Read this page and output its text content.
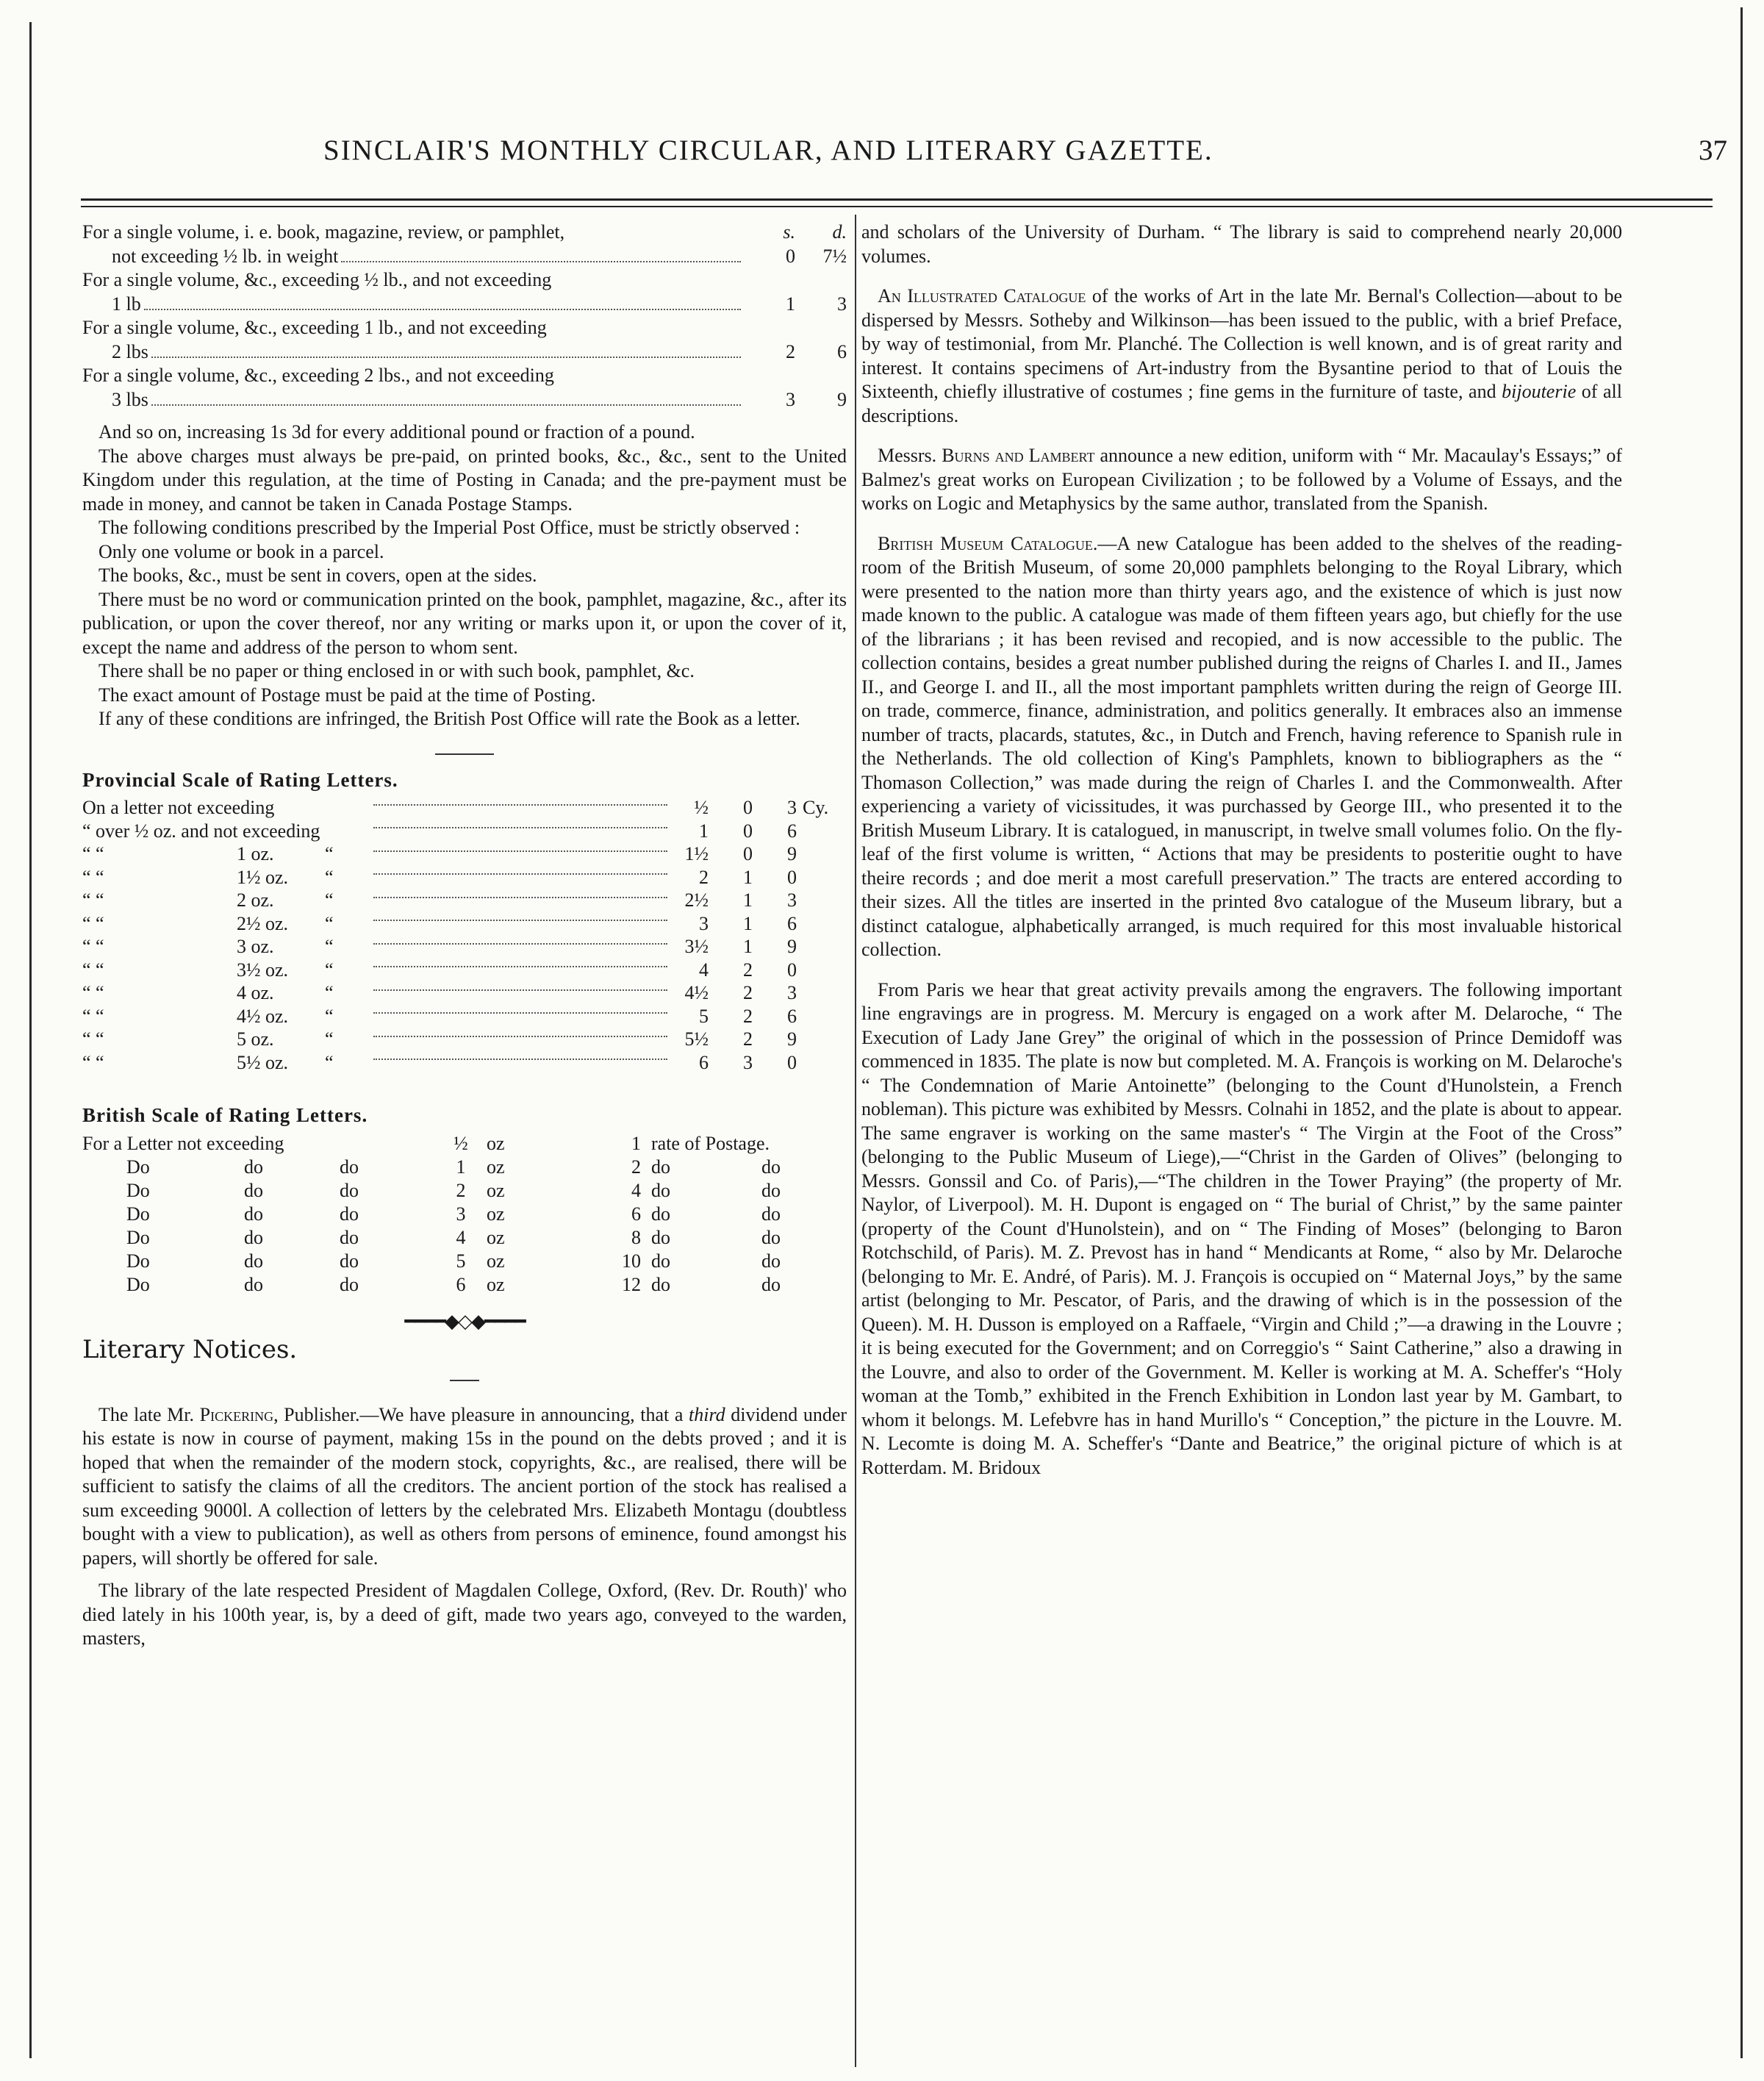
SINCLAIR'S MONTHLY CIRCULAR, AND LITERARY GAZETTE.	37
For a single volume, i. e. book, magazine, review, or pamphlet,	s.	d.
not exceeding ½ lb. in weight	0	7½
For a single volume, &c., exceeding ½ lb., and not exceeding
1 lb	1	3
For a single volume, &c., exceeding 1 lb., and not exceeding
2 lbs	2	6
For a single volume, &c., exceeding 2 lbs., and not exceeding
3 lbs	3	9

And so on, increasing 1s 3d for every additional pound or fraction of a pound.

The above charges must always be pre-paid, on printed books, &c., &c., sent to the United Kingdom under this regulation, at the time of Posting in Canada; and the pre-payment must be made in money, and cannot be taken in Canada Postage Stamps.

The following conditions prescribed by the Imperial Post Office, must be strictly observed :

Only one volume or book in a parcel.

The books, &c., must be sent in covers, open at the sides.

There must be no word or communication printed on the book, pamphlet, magazine, &c., after its publication, or upon the cover thereof, nor any writing or marks upon it, or upon the cover of it, except the name and address of the person to whom sent.

There shall be no paper or thing enclosed in or with such book, pamphlet, &c.

The exact amount of Postage must be paid at the time of Posting.

If any of these conditions are infringed, the British Post Office will rate the Book as a letter.

Provincial Scale of Rating Letters.

On a letter not exceeding				½	0	3	Cy.
“ over ½ oz. and not exceeding				1	0	6	
“ “	1 oz.	“		1½	0	9	
“ “	1½ oz.	“		2	1	0	
“ “	2 oz.	“		2½	1	3	
“ “	2½ oz.	“		3	1	6	
“ “	3 oz.	“		3½	1	9	
“ “	3½ oz.	“		4	2	0	
“ “	4 oz.	“		4½	2	3	
“ “	4½ oz.	“		5	2	6	
“ “	5 oz.	“		5½	2	9	
“ “	5½ oz.	“		6	3	0	

British Scale of Rating Letters.

For a Letter not exceeding			½	oz	1	rate of Postage.	
Do	do	do	1	oz	2	do	do
Do	do	do	2	oz	4	do	do
Do	do	do	3	oz	6	do	do
Do	do	do	4	oz	8	do	do
Do	do	do	5	oz	10	do	do
Do	do	do	6	oz	12	do	do
━━━━◆◇◆━━━━

Literary Notices.

The late Mr. Pickering, Publisher.—We have pleasure in announcing, that a third dividend under his estate is now in course of payment, making 15s in the pound on the debts proved ; and it is hoped that when the remainder of the modern stock, copyrights, &c., are realised, there will be sufficient to satisfy the claims of all the creditors. The ancient portion of the stock has realised a sum exceeding 9000l. A collection of letters by the celebrated Mrs. Elizabeth Montagu (doubtless bought with a view to publication), as well as others from persons of eminence, found amongst his papers, will shortly be offered for sale.

The library of the late respected President of Magdalen College, Oxford, (Rev. Dr. Routh)' who died lately in his 100th year, is, by a deed of gift, made two years ago, conveyed to the warden, masters,

and scholars of the University of Durham. “ The library is said to comprehend nearly 20,000 volumes.

An Illustrated Catalogue of the works of Art in the late Mr. Bernal's Collection—about to be dispersed by Messrs. Sotheby and Wilkinson—has been issued to the public, with a brief Preface, by way of testimonial, from Mr. Planché. The Collection is well known, and is of great rarity and interest. It contains specimens of Art-industry from the Bysantine period to that of Louis the Sixteenth, chiefly illustrative of costumes ; fine gems in the furniture of taste, and bijouterie of all descriptions.

Messrs. Burns and Lambert announce a new edition, uniform with “ Mr. Macaulay's Essays;” of Balmez's great works on European Civilization ; to be followed by a Volume of Essays, and the works on Logic and Metaphysics by the same author, translated from the Spanish.

British Museum Catalogue.—A new Catalogue has been added to the shelves of the reading-room of the British Museum, of some 20,000 pamphlets belonging to the Royal Library, which were presented to the nation more than thirty years ago, and the existence of which is just now made known to the public. A catalogue was made of them fifteen years ago, but chiefly for the use of the librarians ; it has been revised and recopied, and is now accessible to the public. The collection contains, besides a great number published during the reigns of Charles I. and II., James II., and George I. and II., all the most important pamphlets written during the reign of George III. on trade, commerce, finance, administration, and politics generally. It embraces also an immense number of tracts, placards, statutes, &c., in Dutch and French, having reference to Spanish rule in the Netherlands. The old collection of King's Pamphlets, known to bibliographers as the “ Thomason Collection,” was made during the reign of Charles I. and the Commonwealth. After experiencing a variety of vicissitudes, it was purchassed by George III., who presented it to the British Museum Library. It is catalogued, in manuscript, in twelve small volumes folio. On the fly-leaf of the first volume is written, “ Actions that may be presidents to posteritie ought to have theire records ; and doe merit a most carefull preservation.” The tracts are entered according to their sizes. All the titles are inserted in the printed 8vo catalogue of the Museum library, but a distinct catalogue, alphabetically arranged, is much required for this most invaluable historical collection.

From Paris we hear that great activity prevails among the engravers. The following important line engravings are in progress. M. Mercury is engaged on a work after M. Delaroche, “ The Execution of Lady Jane Grey” the original of which in the possession of Prince Demidoff was commenced in 1835. The plate is now but completed. M. A. François is working on M. Delaroche's “ The Condemnation of Marie Antoinette” (belonging to the Count d'Hunolstein, a French nobleman). This picture was exhibited by Messrs. Colnahi in 1852, and the plate is about to appear. The same engraver is working on the same master's “ The Virgin at the Foot of the Cross” (belonging to the Public Museum of Liege),—“Christ in the Garden of Olives” (belonging to Messrs. Gonssil and Co. of Paris),—“The children in the Tower Praying” (the property of Mr. Naylor, of Liverpool). M. H. Dupont is engaged on “ The burial of Christ,” by the same painter (property of the Count d'Hunolstein), and on “ The Finding of Moses” (belonging to Baron Rotchschild, of Paris). M. Z. Prevost has in hand “ Mendicants at Rome, “ also by Mr. Delaroche (belonging to Mr. E. André, of Paris). M. J. François is occupied on “ Maternal Joys,” by the same artist (belonging to Mr. Pescator, of Paris, and the drawing of which is in the possession of the Queen). M. H. Dusson is employed on a Raffaele, “Virgin and Child ;”—a drawing in the Louvre ; it is being executed for the Government; and on Correggio's “ Saint Catherine,” also a drawing in the Louvre, and also to order of the Government. M. Keller is working at M. A. Scheffer's “Holy woman at the Tomb,” exhibited in the French Exhibition in London last year by M. Gambart, to whom it belongs. M. Lefebvre has in hand Murillo's “ Conception,” the picture in the Louvre. M. N. Lecomte is doing M. A. Scheffer's “Dante and Beatrice,” the original picture of which is at Rotterdam. M. Bridoux
